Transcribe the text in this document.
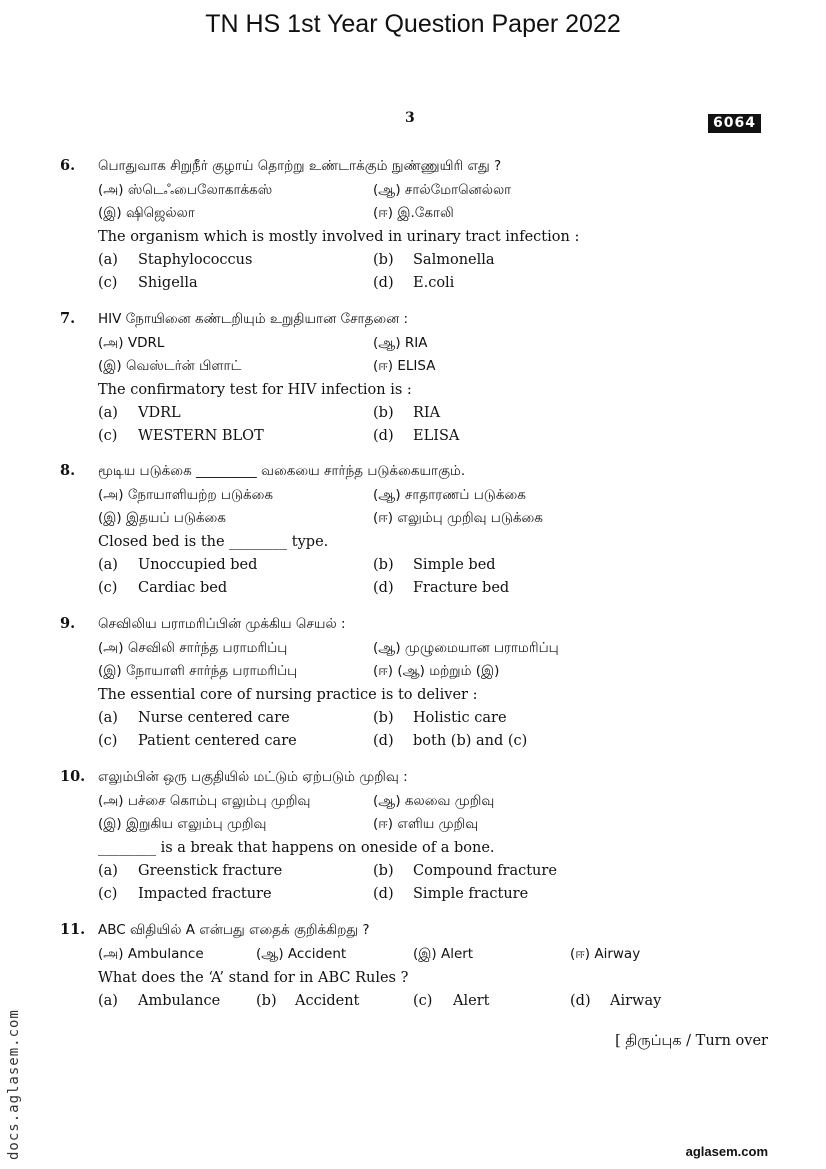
TN HS 1st Year Question Paper 2022
3	6064
6. பொதுவாக சிறுநீர் குழாய் தொற்று உண்டாக்கும் நுண்ணுயிரி எது ?
(அ) ஸ்டெஃபைலோகாக்கஸ்	(ஆ) சால்மோனெல்லா
(இ) ஷிஜெல்லா	(ஈ) இ.கோலி
The organism which is mostly involved in urinary tract infection :
(a) Staphylococcus	(b) Salmonella
(c) Shigella	(d) E.coli
7. HIV நோயினை கண்டறியும் உறுதியான சோதனை :
(அ) VDRL	(ஆ) RIA
(இ) வெஸ்டர்ன் பிளாட்	(ஈ) ELISA
The confirmatory test for HIV infection is :
(a) VDRL	(b) RIA
(c) WESTERN BLOT	(d) ELISA
8. மூடிய படுக்கை _________ வகையை சார்ந்த படுக்கையாகும்.
(அ) நோயாளியற்ற படுக்கை	(ஆ) சாதாரணப் படுக்கை
(இ) இதயப் படுக்கை	(ஈ) எலும்பு முறிவு படுக்கை
Closed bed is the ________ type.
(a) Unoccupied bed	(b) Simple bed
(c) Cardiac bed	(d) Fracture bed
9. செவிலிய பராமரிப்பின் முக்கிய செயல் :
(அ) செவிலி சார்ந்த பராமரிப்பு	(ஆ) முழுமையான பராமரிப்பு
(இ) நோயாளி சார்ந்த பராமரிப்பு	(ஈ) (ஆ) மற்றும் (இ)
The essential core of nursing practice is to deliver :
(a) Nurse centered care	(b) Holistic care
(c) Patient centered care	(d) both (b) and (c)
10. எலும்பின் ஒரு பகுதியில் மட்டும் ஏற்படும் முறிவு :
(அ) பச்சை கொம்பு எலும்பு முறிவு	(ஆ) கலவை முறிவு
(இ) இறுகிய எலும்பு முறிவு	(ஈ) எளிய முறிவு
________ is a break that happens on oneside of a bone.
(a) Greenstick fracture	(b) Compound fracture
(c) Impacted fracture	(d) Simple fracture
11. ABC விதியில் A என்பது எதைக் குறிக்கிறது ?
(அ) Ambulance	(ஆ) Accident	(இ) Alert	(ஈ) Airway
What does the ‘A’ stand for in ABC Rules ?
(a) Ambulance (b) Accident	(c) Alert	(d) Airway
[ திருப்புக / Turn over
docs.aglasem.com	aglasem.com
